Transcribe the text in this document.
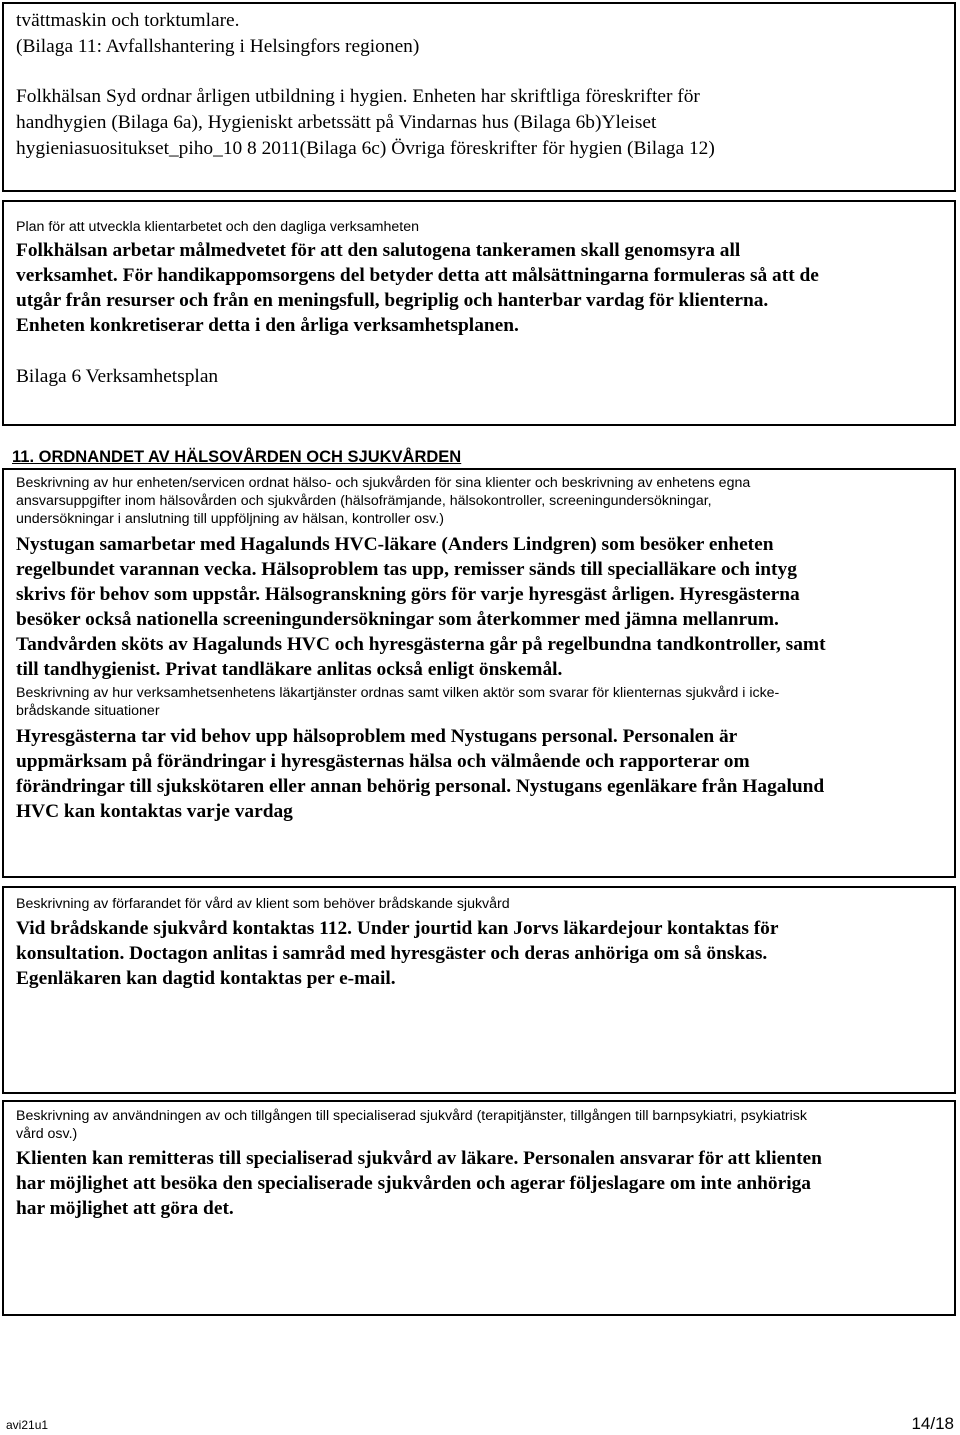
tvättmaskin och torktumlare.

(Bilaga 11: Avfallshantering i Helsingfors regionen)

Folkhälsan Syd ordnar årligen utbildning i hygien. Enheten har skriftliga föreskrifter för

handhygien (Bilaga 6a), Hygieniskt arbetssätt på Vindarnas hus (Bilaga 6b)Yleiset

hygieniasuositukset_piho_10 8 2011(Bilaga 6c) Övriga föreskrifter för hygien (Bilaga 12)

Plan för att utveckla klientarbetet och den dagliga verksamheten

Folkhälsan arbetar målmedvetet för att den salutogena tankeramen skall genomsyra all

verksamhet. För handikappomsorgens del betyder detta att målsättningarna formuleras så att de

utgår från resurser och från en meningsfull, begriplig och hanterbar vardag för klienterna.

Enheten konkretiserar detta i den årliga verksamhetsplanen.

Bilaga 6 Verksamhetsplan

11. ORDNANDET AV HÄLSOVÅRDEN OCH SJUKVÅRDEN

Beskrivning av hur enheten/servicen ordnat hälso- och sjukvården för sina klienter och beskrivning av enhetens egna

ansvarsuppgifter inom hälsovården och sjukvården (hälsofrämjande, hälsokontroller, screeningundersökningar,

undersökningar i anslutning till uppföljning av hälsan, kontroller osv.)

Nystugan samarbetar med Hagalunds HVC-läkare (Anders Lindgren) som besöker enheten

regelbundet varannan vecka. Hälsoproblem tas upp, remisser sänds till specialläkare och intyg

skrivs för behov som uppstår. Hälsogranskning görs för varje hyresgäst årligen. Hyresgästerna

besöker också nationella screeningundersökningar som återkommer med jämna mellanrum.

Tandvården sköts av Hagalunds HVC och hyresgästerna går på regelbundna tandkontroller, samt

till tandhygienist. Privat tandläkare anlitas också enligt önskemål.

Beskrivning av hur verksamhetsenhetens läkartjänster ordnas samt vilken aktör som svarar för klienternas sjukvård i icke-

brådskande situationer

Hyresgästerna tar vid behov upp hälsoproblem med Nystugans personal. Personalen är

uppmärksam på förändringar i hyresgästernas hälsa och välmående och rapporterar om

förändringar till sjukskötaren eller annan behörig personal. Nystugans egenläkare från Hagalund

HVC kan kontaktas varje vardag

Beskrivning av förfarandet för vård av klient som behöver brådskande sjukvård

Vid brådskande sjukvård kontaktas 112. Under jourtid kan Jorvs läkardejour kontaktas för

konsultation. Doctagon anlitas i samråd med hyresgäster och deras anhöriga om så önskas.

Egenläkaren kan dagtid kontaktas per e-mail.

Beskrivning av användningen av och tillgången till specialiserad sjukvård (terapitjänster, tillgången till barnpsykiatri, psykiatrisk

vård osv.)

Klienten kan remitteras till specialiserad sjukvård av läkare. Personalen ansvarar för att klienten

har möjlighet att besöka den specialiserade sjukvården och agerar följeslagare om inte anhöriga

har möjlighet att göra det.

avi21u1	14/18
